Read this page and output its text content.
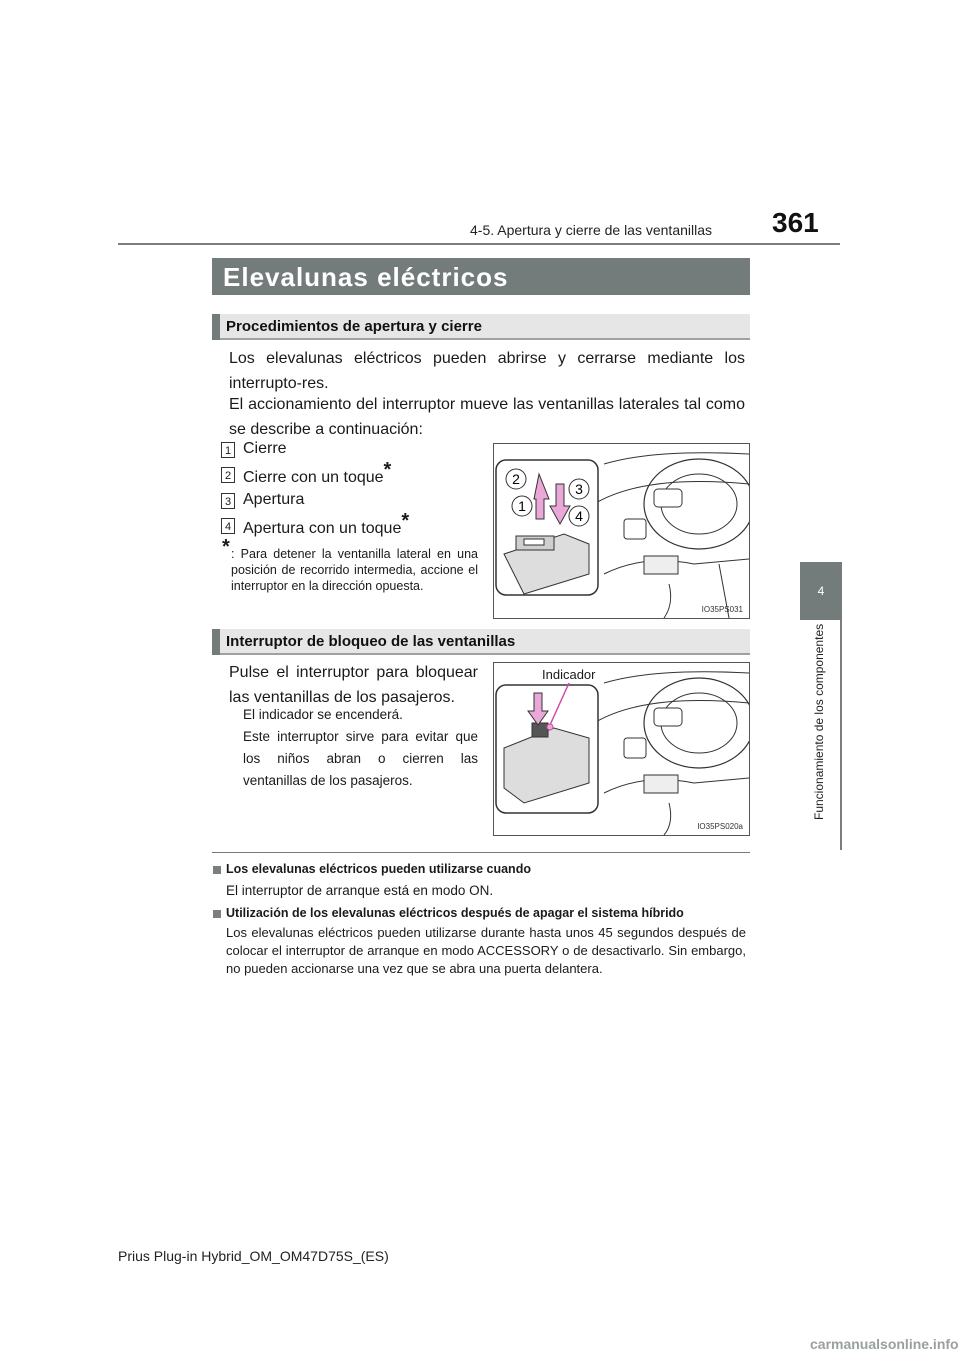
4-5. Apertura y cierre de las ventanillas 361
4
Funcionamiento de los componentes
Elevalunas eléctricos
Procedimientos de apertura y cierre
Los elevalunas eléctricos pueden abrirse y cerrarse mediante los interrupto-res.
El accionamiento del interruptor mueve las ventanillas laterales tal como se describe a continuación:
1 Cierre
2 Cierre con un toque*
3 Apertura
4 Apertura con un toque*
* : Para detener la ventanilla lateral en una posición de recorrido intermedia, accione el interruptor en la dirección opuesta.
2
3
1
4
IO35PS031
Interruptor de bloqueo de las ventanillas
Pulse el interruptor para bloquear las ventanillas de los pasajeros.
El indicador se encenderá.
Este interruptor sirve para evitar que los niños abran o cierren las ventanillas de los pasajeros.
Indicador
IO35PS020a
Los elevalunas eléctricos pueden utilizarse cuando
El interruptor de arranque está en modo ON.
Utilización de los elevalunas eléctricos después de apagar el sistema híbrido
Los elevalunas eléctricos pueden utilizarse durante hasta unos 45 segundos después de colocar el interruptor de arranque en modo ACCESSORY o de desactivarlo. Sin embargo, no pueden accionarse una vez que se abra una puerta delantera.
Prius Plug-in Hybrid_OM_OM47D75S_(ES)
carmanualsonline.info
